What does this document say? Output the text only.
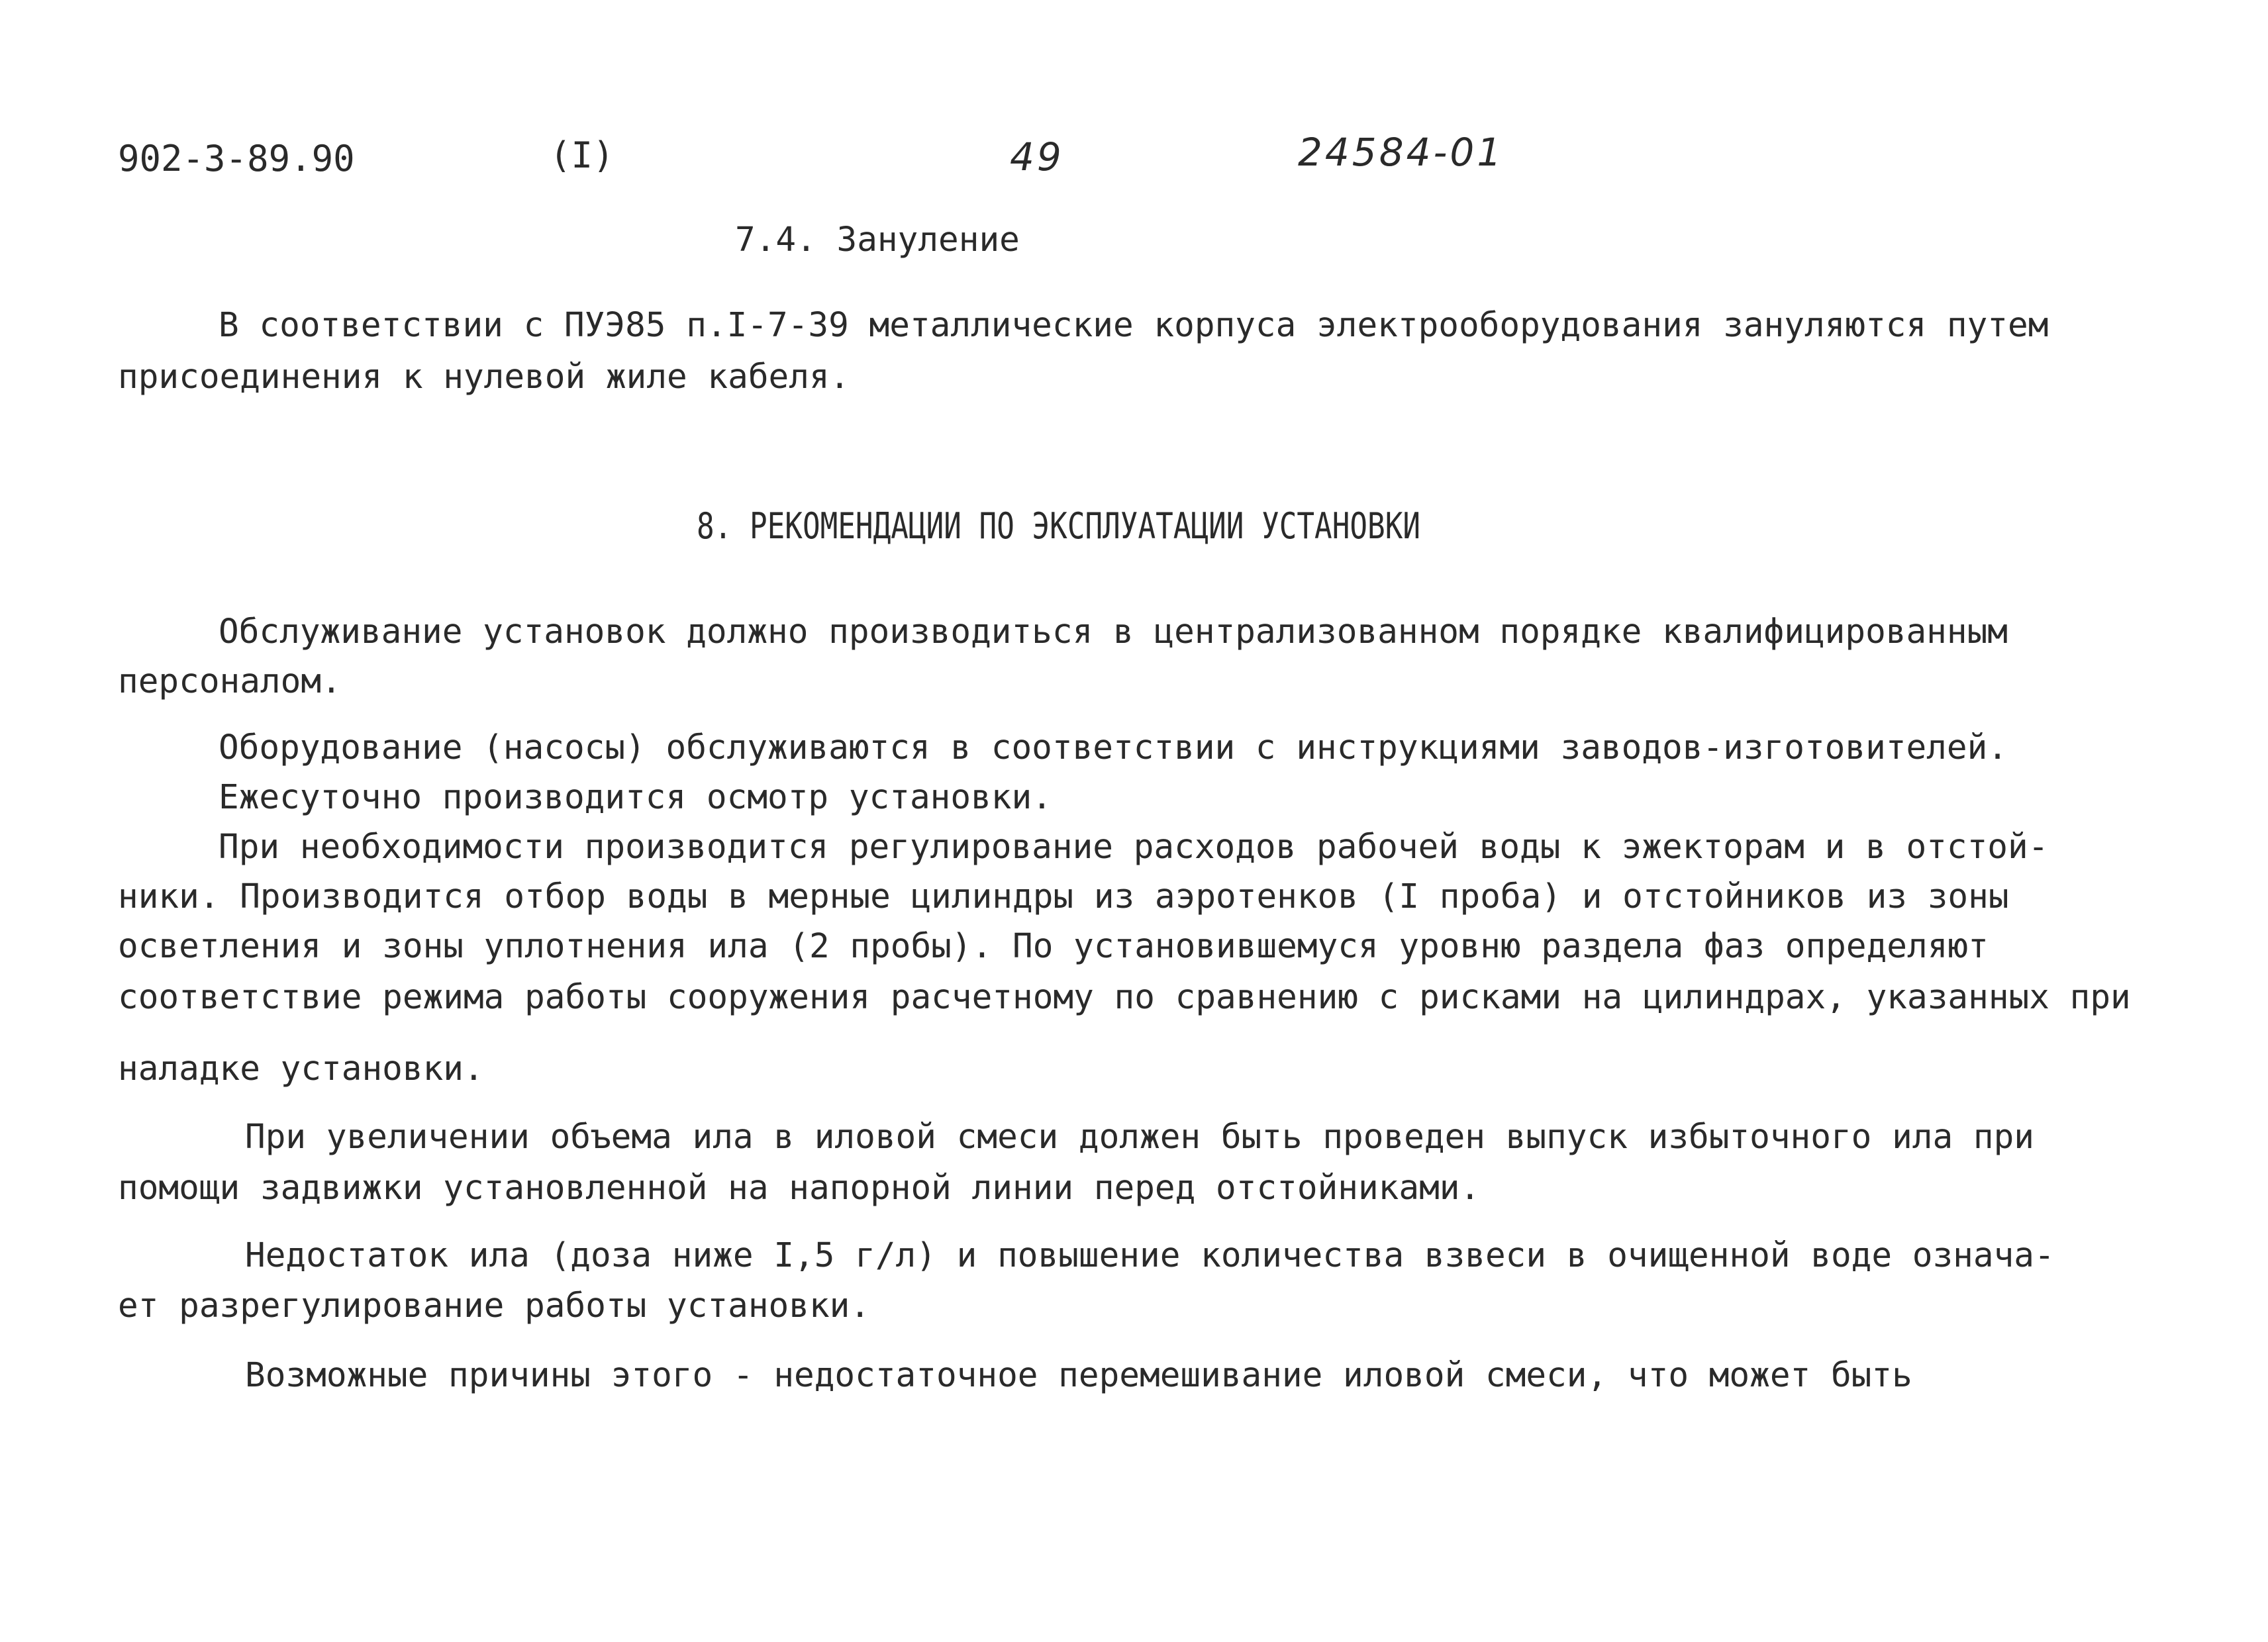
902-3-89.90	(I)	49	24584-01
7.4. Зануление
В соответствии с ПУЭ85 п.I-7-39 металлические корпуса электрооборудования зануляются путем
присоединения к нулевой жиле кабеля.
8. РЕКОМЕНДАЦИИ ПО ЭКСПЛУАТАЦИИ УСТАНОВКИ
Обслуживание установок должно производиться в централизованном порядке квалифицированным
персоналом.
Оборудование (насосы) обслуживаются в соответствии с инструкциями заводов-изготовителей.
Ежесуточно производится осмотр установки.
При необходимости производится регулирование расходов рабочей воды к эжекторам и в отстой-
ники. Производится отбор воды в мерные цилиндры из аэротенков (I проба) и отстойников из зоны
осветления и зоны уплотнения ила (2 пробы). По установившемуся уровню раздела фаз определяют
соответствие режима работы сооружения расчетному по сравнению с рисками на цилиндрах, указанных при
наладке установки.
При увеличении объема ила в иловой смеси должен быть проведен выпуск избыточного ила при
помощи задвижки установленной на напорной линии перед отстойниками.
Недостаток ила (доза ниже I,5 г/л) и повышение количества взвеси в очищенной воде означа-
ет разрегулирование работы установки.
Возможные причины этого - недостаточное перемешивание иловой смеси, что может быть
